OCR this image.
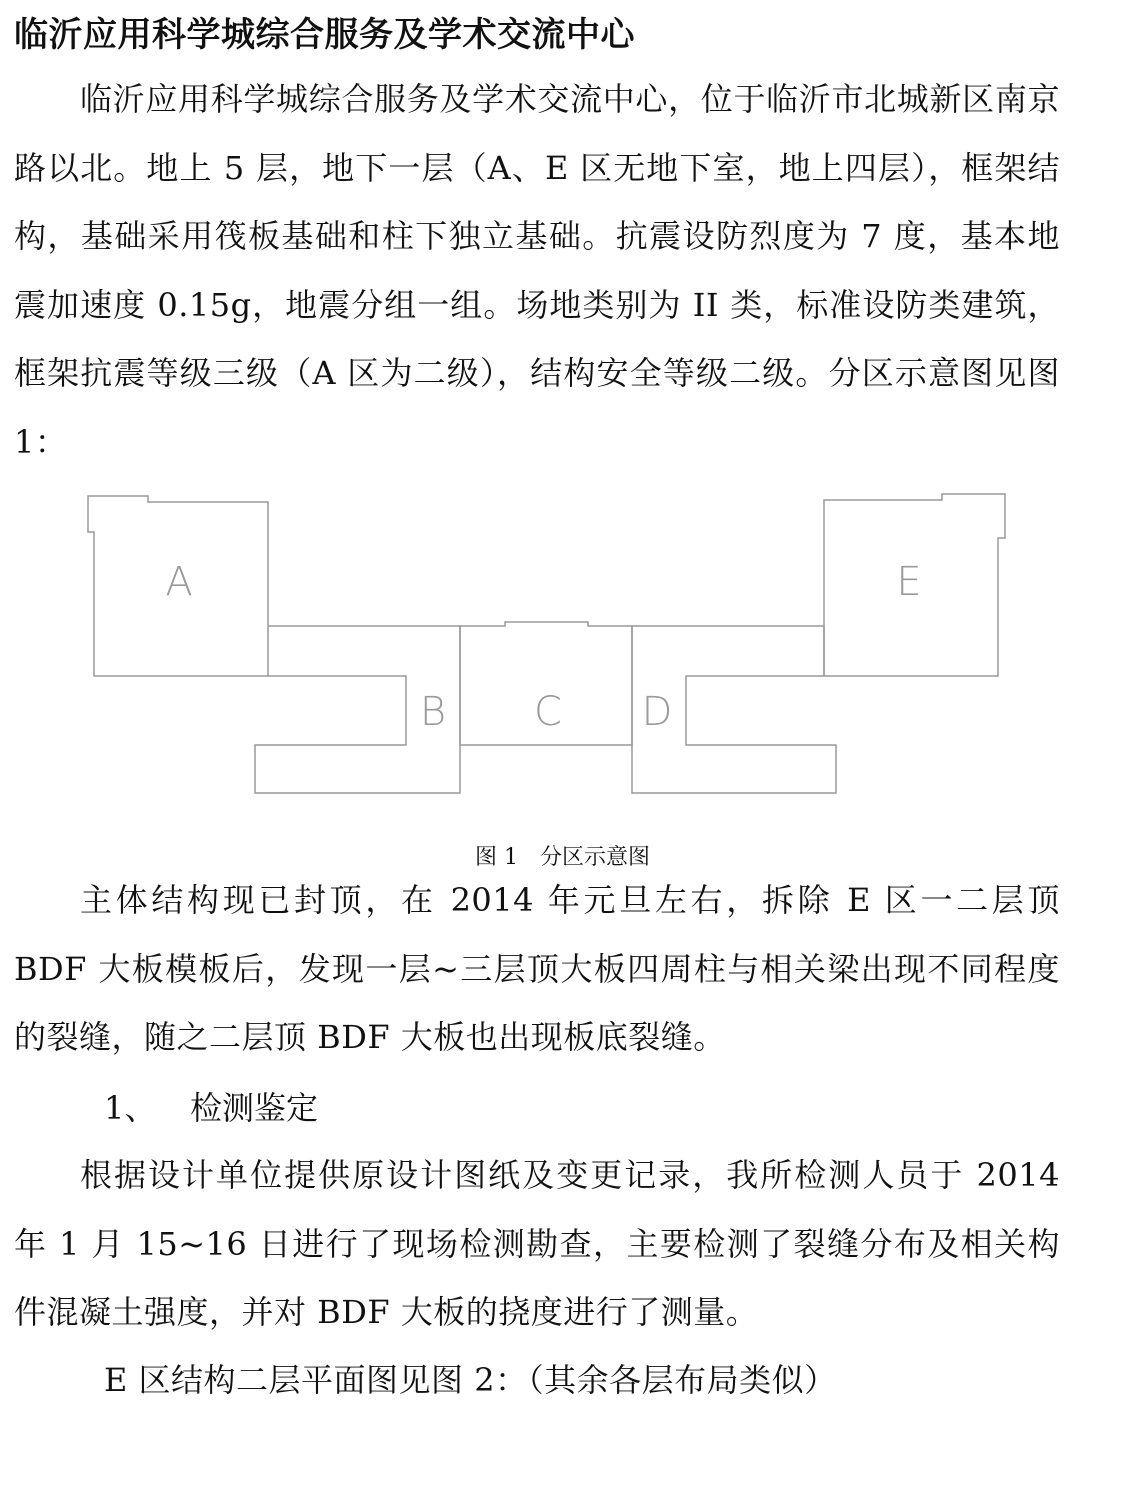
临沂应用科学城综合服务及学术交流中心

临沂应用科学城综合服务及学术交流中心，位于临沂市北城新区南京路以北。地上 5 层，地下一层（A、E 区无地下室，地上四层），框架结构，基础采用筏板基础和柱下独立基础。抗震设防烈度为 7 度，基本地震加速度 0.15g，地震分组一组。场地类别为 II 类，标准设防类建筑，框架抗震等级三级（A 区为二级），结构安全等级二级。分区示意图见图 1：

A
B C D
E
图 1　分区示意图

主体结构现已封顶，在 2014 年元旦左右，拆除 E 区一二层顶 BDF 大板模板后，发现一层~三层顶大板四周柱与相关梁出现不同程度的裂缝，随之二层顶 BDF 大板也出现板底裂缝。

1、 检测鉴定

根据设计单位提供原设计图纸及变更记录，我所检测人员于 2014 年 1 月 15~16 日进行了现场检测勘查，主要检测了裂缝分布及相关构件混凝土强度，并对 BDF 大板的挠度进行了测量。

E 区结构二层平面图见图 2：（其余各层布局类似）
